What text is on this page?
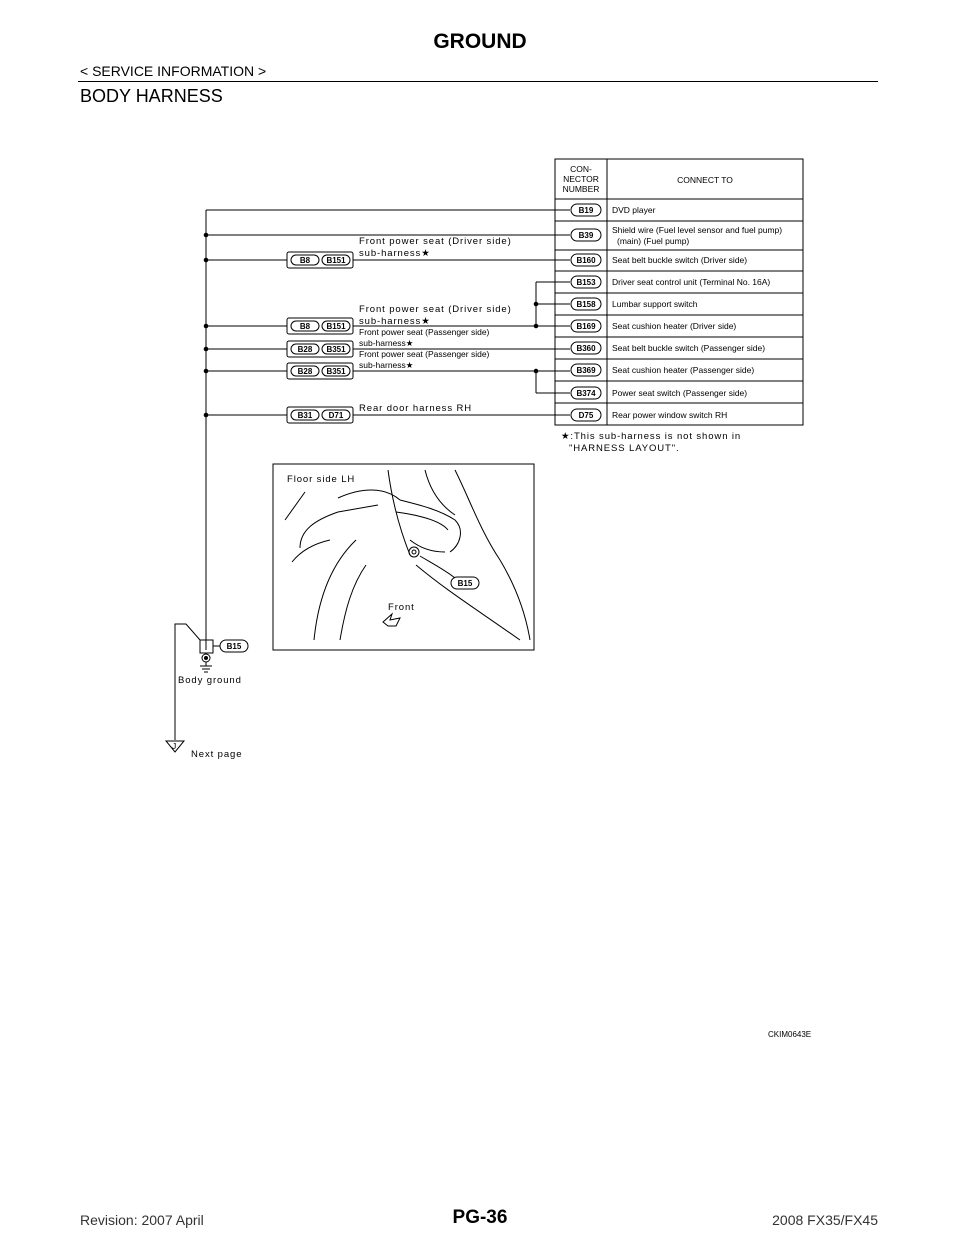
GROUND
< SERVICE INFORMATION >
BODY HARNESS
CON-
NECTOR
NUMBER
CONNECT TO
B19
B39
B160
B153
B158
B169
B360
B369
B374
D75
DVD player
Shield wire (Fuel level sensor and fuel pump)
(main) (Fuel pump)
Seat belt buckle switch (Driver side)
Driver seat control unit (Terminal No. 16A)
Lumbar support switch
Seat cushion heater (Driver side)
Seat belt buckle switch (Passenger side)
Seat cushion heater (Passenger side)
Power seat switch (Passenger side)
Rear power window switch RH
Front power seat (Driver side)
sub-harness★
Front power seat (Driver side)
sub-harness★
Front power seat (Passenger side)
sub-harness★
Front power seat (Passenger side)
sub-harness★
Rear door harness RH
B8 B151
B8 B151
B28 B351
B28 B351
B31 D71
★:This sub-harness is not shown in
"HARNESS LAYOUT".
Floor side LH
B15
Front
B15
Body ground
J
Next page
CKIM0643E
PG-36
Revision: 2007 April	2008 FX35/FX45
